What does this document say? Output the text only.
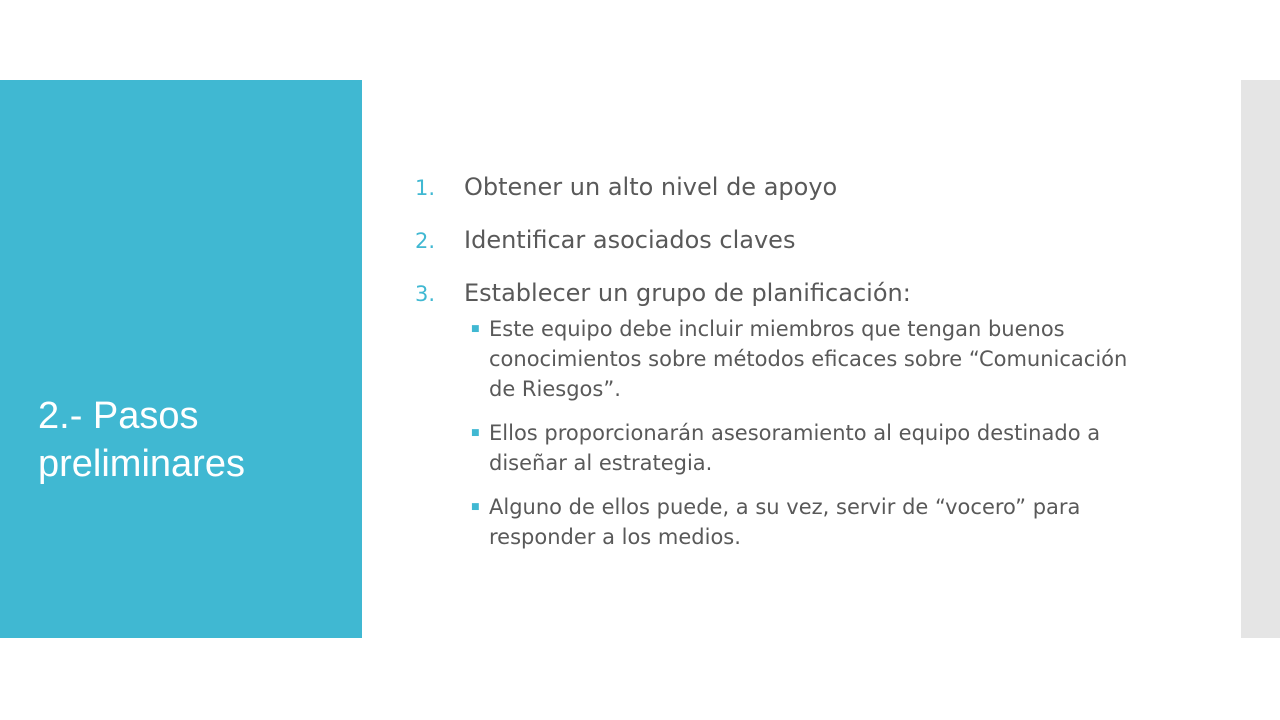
2.- Pasos preliminares
1.	Obtener un alto nivel de apoyo
2.	Identificar asociados claves
3.	Establecer un grupo de planificación:
■ Este equipo debe incluir miembros que tengan buenos conocimientos sobre métodos eficaces sobre “Comunicación de Riesgos”.
■ Ellos proporcionarán asesoramiento al equipo destinado a diseñar al estrategia.
■ Alguno de ellos puede, a su vez, servir de “vocero” para responder a los medios.
